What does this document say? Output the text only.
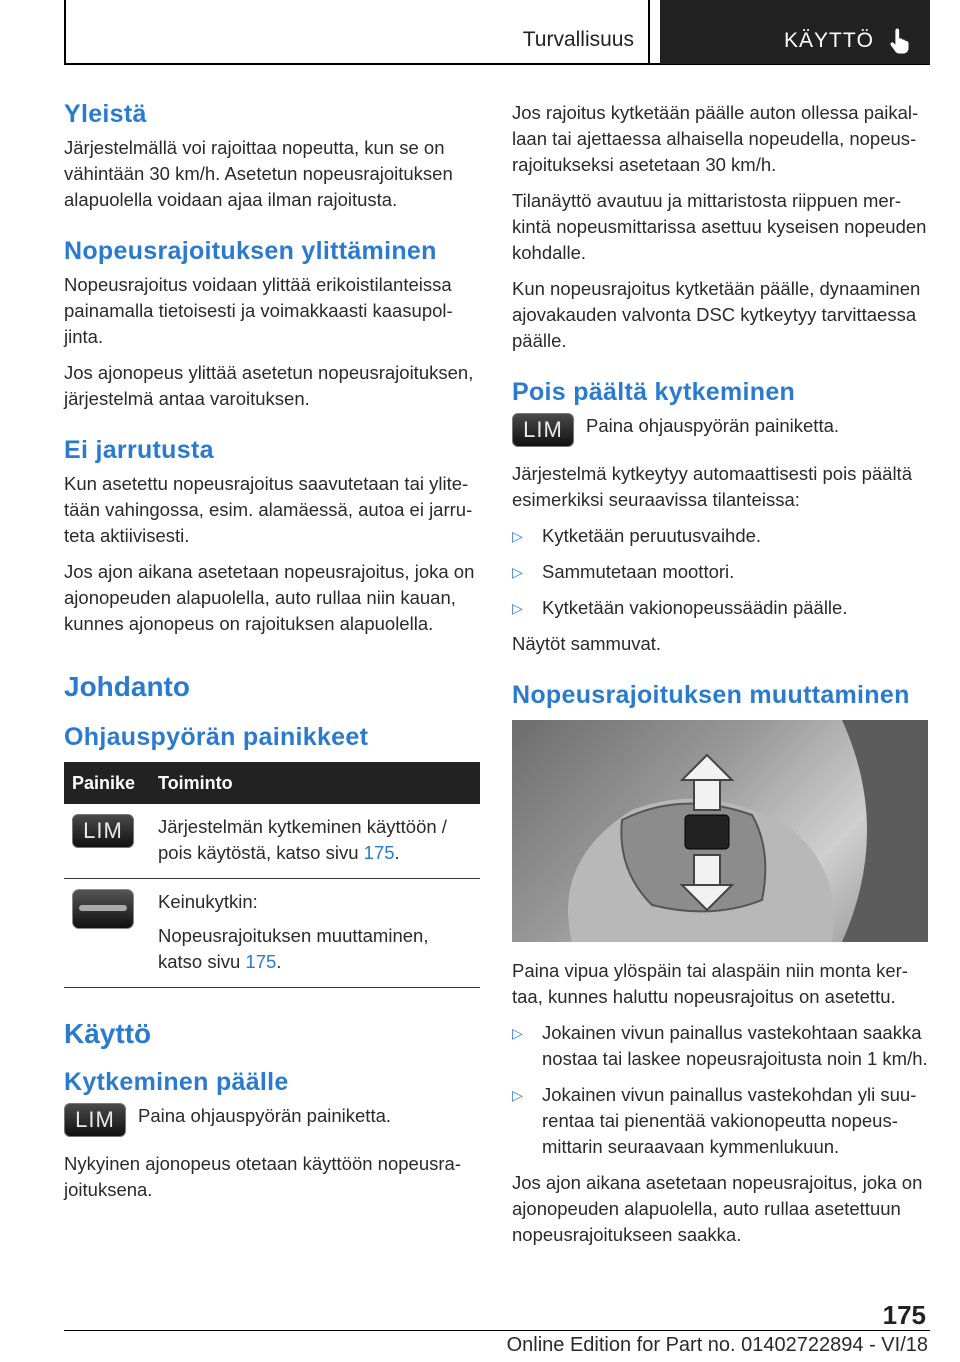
Turvallisuus	KÄYTTÖ
Yleistä

Järjestelmällä voi rajoittaa nopeutta, kun se on vähintään 30 km/h. Asetetun nopeusrajoituksen alapuolella voidaan ajaa ilman rajoitusta.

Nopeusrajoituksen ylittäminen

Nopeusrajoitus voidaan ylittää erikoistilanteissa painamalla tietoisesti ja voimakkaasti kaasupoljinta.

Jos ajonopeus ylittää asetetun nopeusrajoituksen, järjestelmä antaa varoituksen.

Ei jarrutusta

Kun asetettu nopeusrajoitus saavutetaan tai ylitetään vahingossa, esim. alamäessä, autoa ei jarruteta aktiivisesti.

Jos ajon aikana asetetaan nopeusrajoitus, joka on ajonopeuden alapuolella, auto rullaa niin kauan, kunnes ajonopeus on rajoituksen alapuolella.

Johdanto
Ohjauspyörän painikkeet
Painike	Toiminto
LIM	Järjestelmän kytkeminen käyttöön / pois käytöstä, katso sivu 175.

	Keinukytkin:

Nopeusrajoituksen muuttaminen, katso sivu 175.

Käyttö
Kytkeminen päälle
LIM	Paina ohjauspyörän painiketta.

Nykyinen ajonopeus otetaan käyttöön nopeusrajoituksena.

Jos rajoitus kytketään päälle auton ollessa paikallaan tai ajettaessa alhaisella nopeudella, nopeusrajoitukseksi asetetaan 30 km/h.

Tilanäyttö avautuu ja mittaristosta riippuen merkintä nopeusmittarissa asettuu kyseisen nopeuden kohdalle.

Kun nopeusrajoitus kytketään päälle, dynaaminen ajovakauden valvonta DSC kytkeytyy tarvittaessa päälle.

Pois päältä kytkeminen
LIM	Paina ohjauspyörän painiketta.

Järjestelmä kytkeytyy automaattisesti pois päältä esimerkiksi seuraavissa tilanteissa:

▷ Kytketään peruutusvaihde.
▷ Sammutetaan moottori.
▷ Kytketään vakionopeussäädin päälle.

Näytöt sammuvat.

Nopeusrajoituksen muuttaminen

Paina vipua ylöspäin tai alaspäin niin monta kertaa, kunnes haluttu nopeusrajoitus on asetettu.

▷ Jokainen vivun painallus vastekohtaan saakka nostaa tai laskee nopeusrajoitusta noin 1 km/h.
▷ Jokainen vivun painallus vastekohdan yli suurentaa tai pienentää vakionopeutta nopeusmittarin seuraavaan kymmenlukuun.

Jos ajon aikana asetetaan nopeusrajoitus, joka on ajonopeuden alapuolella, auto rullaa asetettuun nopeusrajoitukseen saakka.

175
Online Edition for Part no. 01402722894 - VI/18
